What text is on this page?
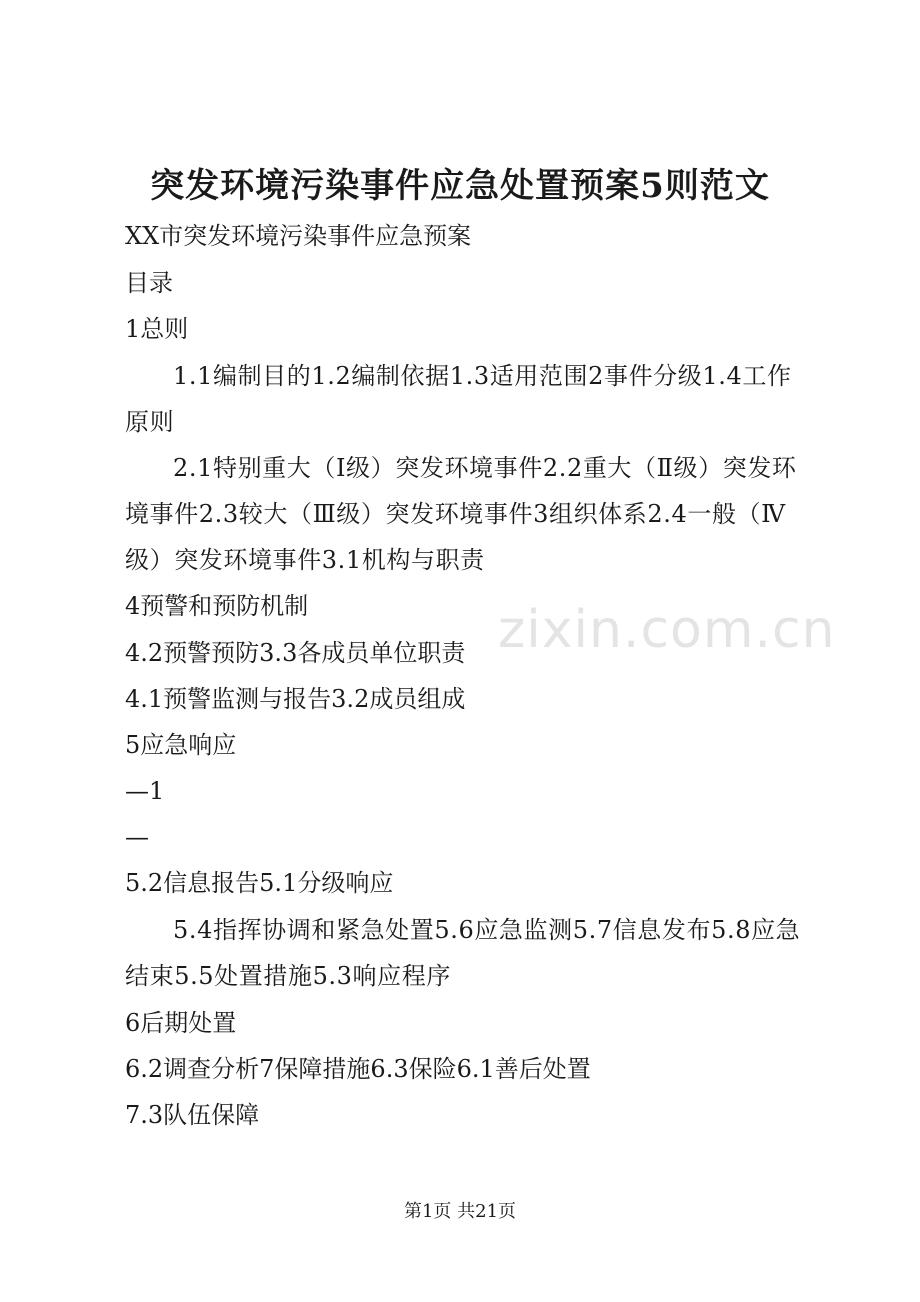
突发环境污染事件应急处置预案5则范文
XX市突发环境污染事件应急预案
目录
1总则
1.1编制目的1.2编制依据1.3适用范围2事件分级1.4工作原则
2.1特别重大（Ⅰ级）突发环境事件2.2重大（Ⅱ级）突发环境事件2.3较大（Ⅲ级）突发环境事件3组织体系2.4一般（Ⅳ级）突发环境事件3.1机构与职责
4预警和预防机制
4.2预警预防3.3各成员单位职责
4.1预警监测与报告3.2成员组成
5应急响应
—1
—
5.2信息报告5.1分级响应
5.4指挥协调和紧急处置5.6应急监测5.7信息发布5.8应急结束5.5处置措施5.3响应程序
6后期处置
6.2调查分析7保障措施6.3保险6.1善后处置
7.3队伍保障
zixin.com.cn
第1页 共21页
